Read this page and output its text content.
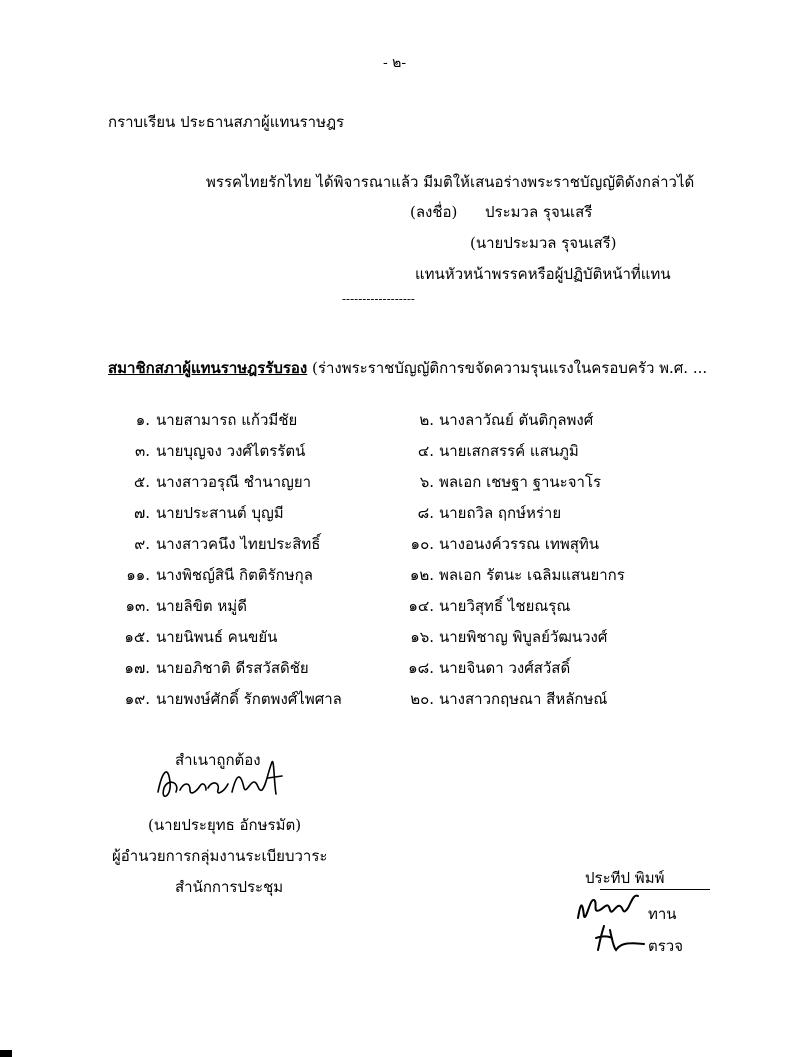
- ๒-
กราบเรียน ประธานสภาผู้แทนราษฎร
พรรคไทยรักไทย ได้พิจารณาแล้ว มีมติให้เสนอร่างพระราชบัญญัติดังกล่าวได้
(ลงชื่อ) ประมวล รุจนเสรี
(นายประมวล รุจนเสรี)
แทนหัวหน้าพรรคหรือผู้ปฏิบัติหน้าที่แทน
------------------
สมาชิกสภาผู้แทนราษฎรรับรอง (ร่างพระราชบัญญัติการขจัดความรุนแรงในครอบครัว พ.ศ. ...
๑. นายสามารถ แก้วมีชัย	๒. นางลาวัณย์ ตันติกุลพงศ์
๓. นายบุญจง วงศ์ไตรรัตน์	๔. นายเสกสรรค์ แสนภูมิ
๕. นางสาวอรุณี ชำนาญยา	๖. พลเอก เชษฐา ฐานะจาโร
๗. นายประสานต์ บุญมี	๘. นายถวิล ฤกษ์หร่าย
๙. นางสาวคนึง ไทยประสิทธิ์	๑๐. นางอนงค์วรรณ เทพสุทิน
๑๑. นางพิชญ์สินี กิตติรักษกุล	๑๒. พลเอก รัตนะ เฉลิมแสนยากร
๑๓. นายลิขิต หมู่ดี	๑๔. นายวิสุทธิ์ ไชยณรุณ
๑๕. นายนิพนธ์ คนขยัน	๑๖. นายพิชาญ พิบูลย์วัฒนวงศ์
๑๗. นายอภิชาติ ดีรสวัสดิชัย	๑๘. นายจินดา วงศ์สวัสดิ์
๑๙. นายพงษ์ศักดิ์ รักตพงศ์ไพศาล	๒๐. นางสาวกฤษณา สีหลักษณ์
สำเนาถูกต้อง
(นายประยุทธ อักษรมัต)
ผู้อำนวยการกลุ่มงานระเบียบวาระ
สำนักการประชุม	ประทีป พิมพ์
ทาน
ตรวจ
